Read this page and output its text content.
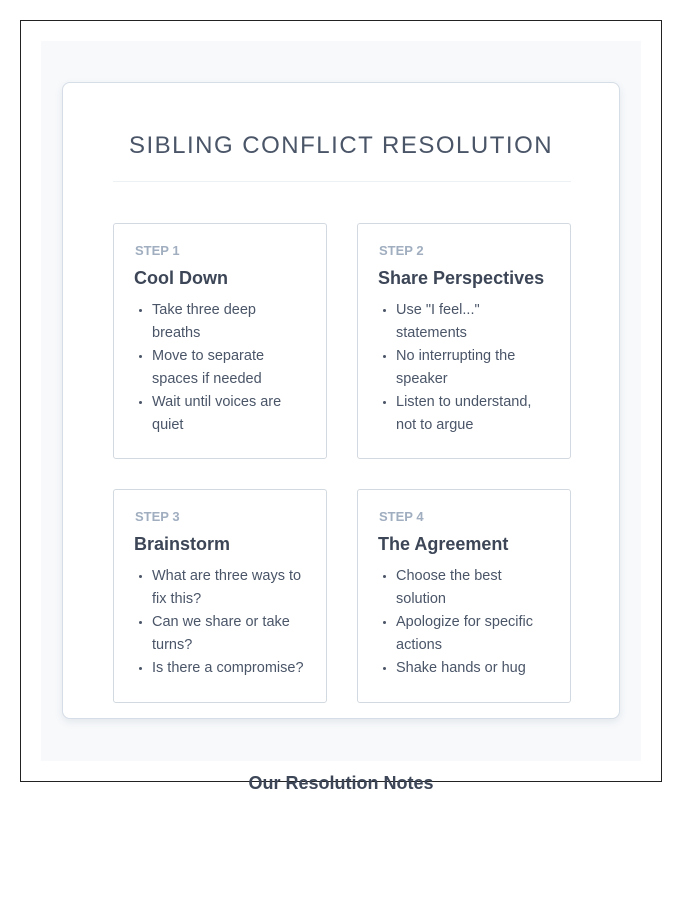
SIBLING CONFLICT RESOLUTION
STEP 1
Cool Down
• Take three deep breaths
• Move to separate spaces if needed
• Wait until voices are quiet
STEP 2
Share Perspectives
• Use "I feel..." statements
• No interrupting the speaker
• Listen to understand, not to argue
STEP 3
Brainstorm
• What are three ways to fix this?
• Can we share or take turns?
• Is there a compromise?
STEP 4
The Agreement
• Choose the best solution
• Apologize for specific actions
• Shake hands or hug
Our Resolution Notes
